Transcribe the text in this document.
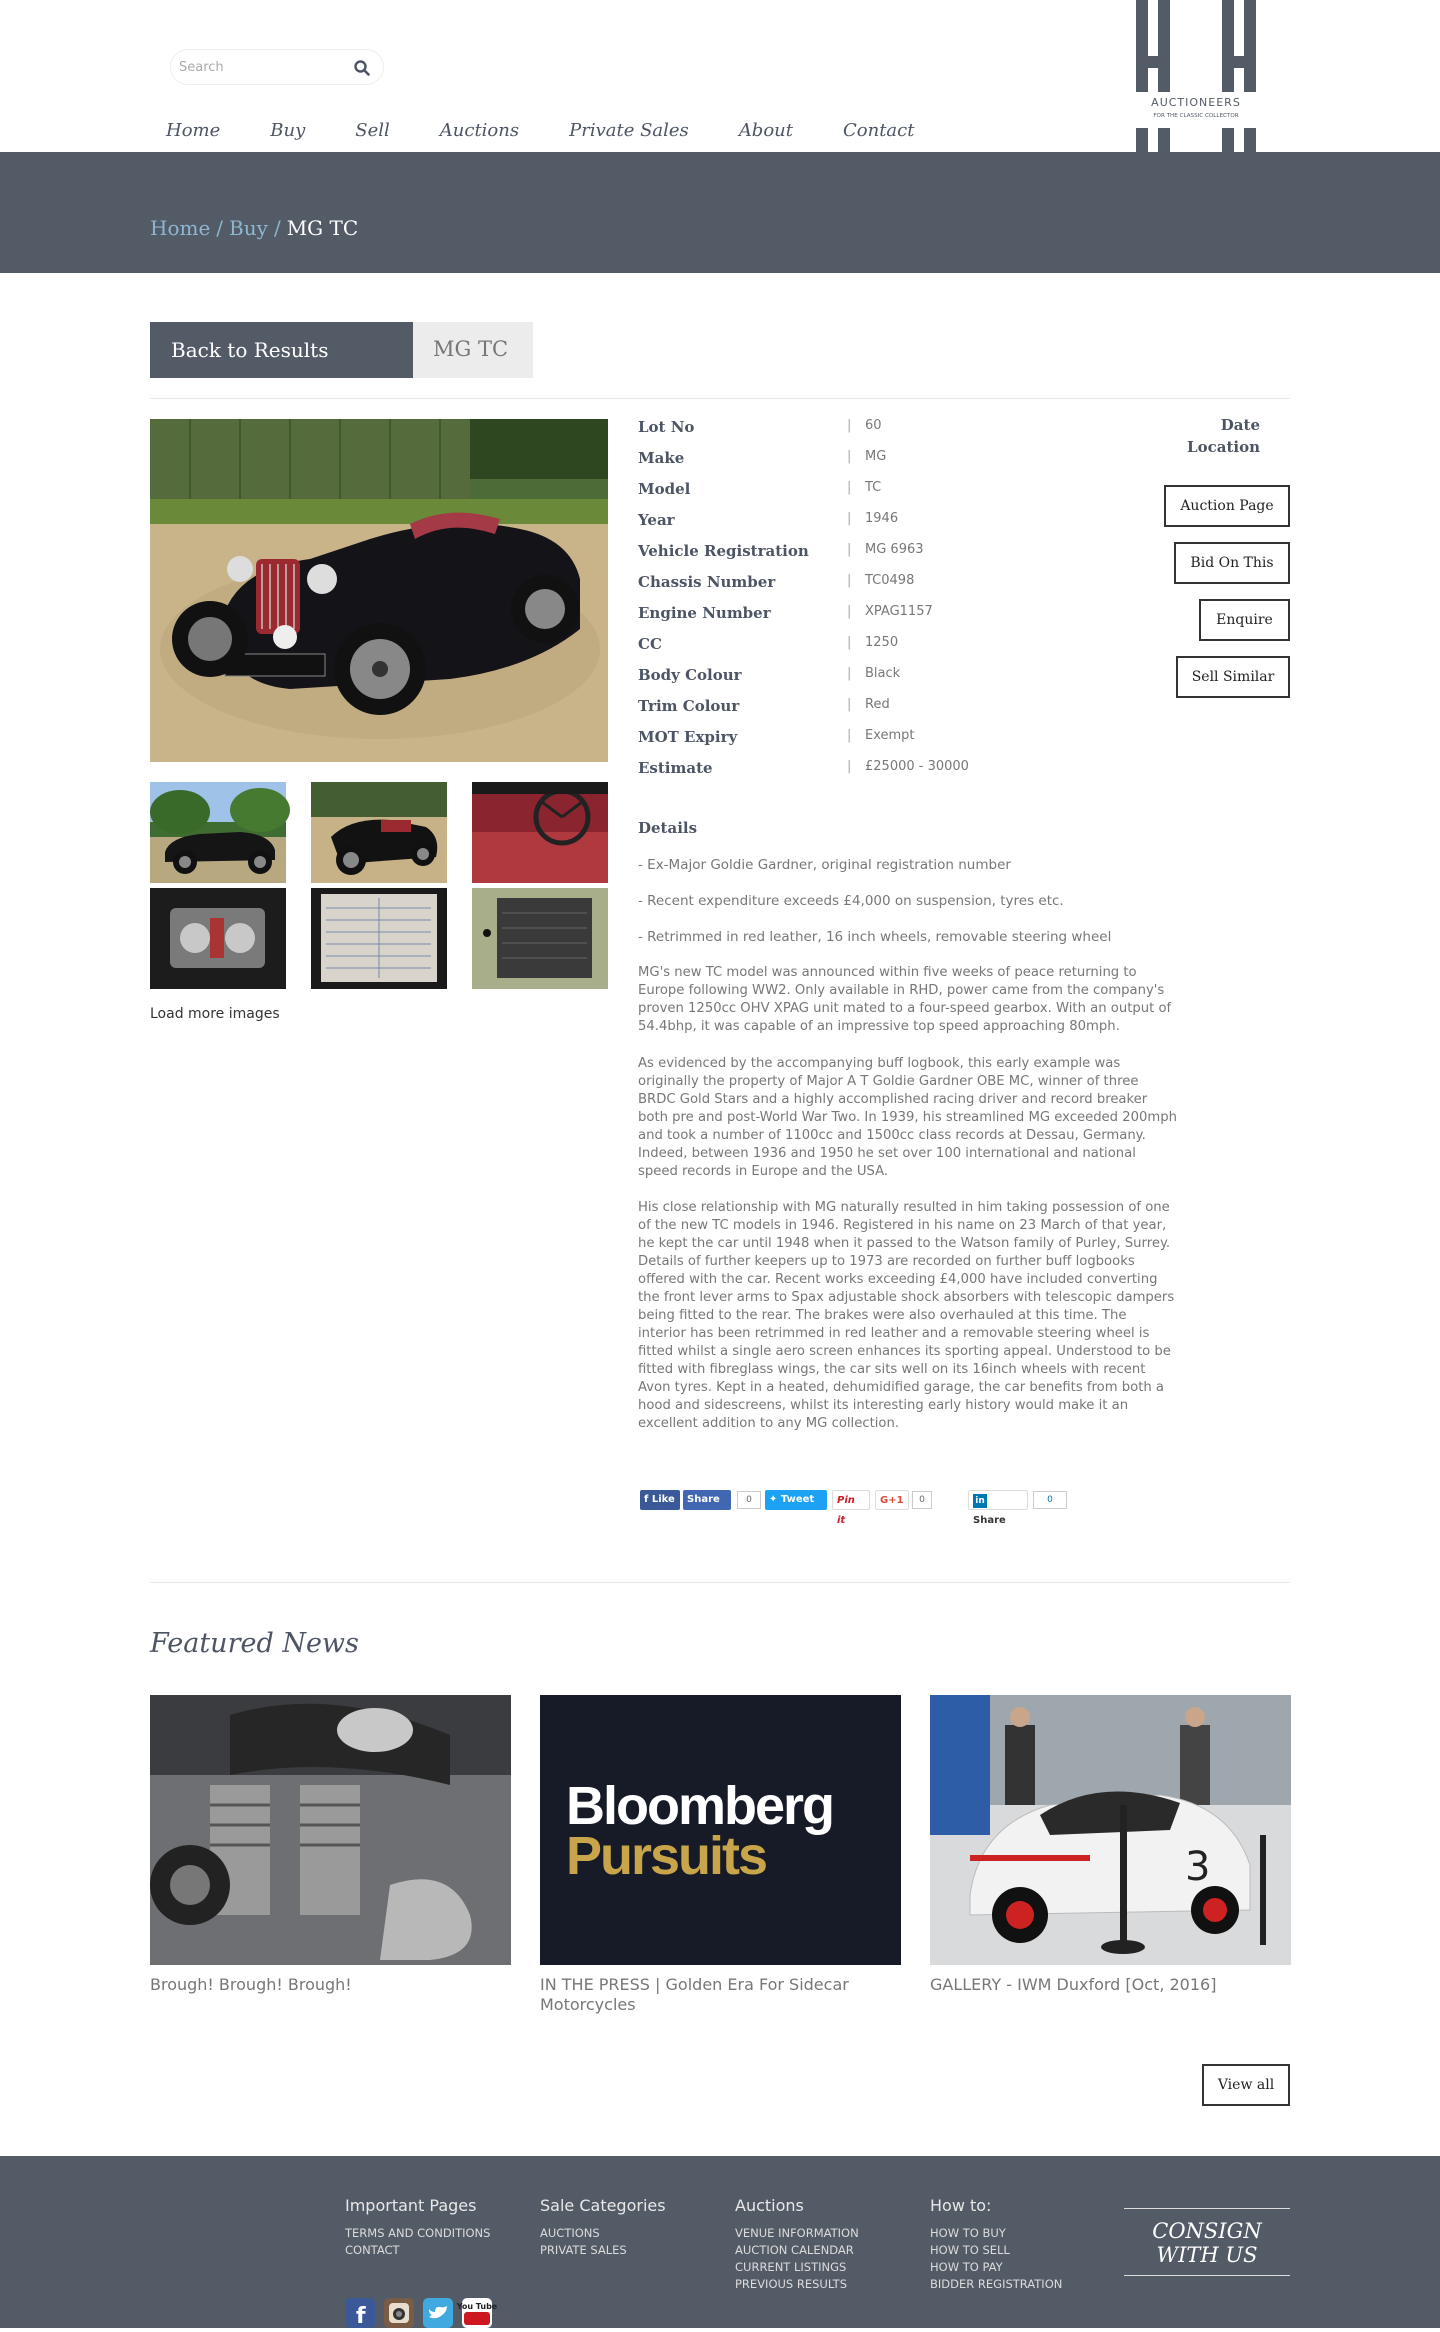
Search
Home	Buy	Sell	Auctions	Private Sales	About	Contact
AND
AUCTIONEERS
FOR THE CLASSIC COLLECTOR
Home / Buy / MG TC
Back to Results	MG TC
Load more images
Lot No	| 60
Make	| MG
Model	| TC
Year	| 1946
Vehicle Registration	| MG 6963
Chassis Number	| TC0498
Engine Number	| XPAG1157
CC	| 1250
Body Colour	| Black
Trim Colour	| Red
MOT Expiry	| Exempt
Estimate	| £25000 - 30000
Date
Location
Auction Page
Bid On This
Enquire
Sell Similar
Details
- Ex-Major Goldie Gardner, original registration number
- Recent expenditure exceeds £4,000 on suspension, tyres etc.
- Retrimmed in red leather, 16 inch wheels, removable steering wheel
MG's new TC model was announced within five weeks of peace returning to Europe following WW2. Only available in RHD, power came from the company's proven 1250cc OHV XPAG unit mated to a four-speed gearbox. With an output of 54.4bhp, it was capable of an impressive top speed approaching 80mph.
As evidenced by the accompanying buff logbook, this early example was originally the property of Major A T Goldie Gardner OBE MC, winner of three BRDC Gold Stars and a highly accomplished racing driver and record breaker both pre and post-World War Two. In 1939, his streamlined MG exceeded 200mph and took a number of 1100cc and 1500cc class records at Dessau, Germany. Indeed, between 1936 and 1950 he set over 100 international and national speed records in Europe and the USA.
His close relationship with MG naturally resulted in him taking possession of one of the new TC models in 1946. Registered in his name on 23 March of that year, he kept the car until 1948 when it passed to the Watson family of Purley, Surrey. Details of further keepers up to 1973 are recorded on further buff logbooks offered with the car. Recent works exceeding £4,000 have included converting the front lever arms to Spax adjustable shock absorbers with telescopic dampers being fitted to the rear. The brakes were also overhauled at this time. The interior has been retrimmed in red leather and a removable steering wheel is fitted whilst a single aero screen enhances its sporting appeal. Understood to be fitted with fibreglass wings, the car sits well on its 16inch wheels with recent Avon tyres. Kept in a heated, dehumidified garage, the car benefits from both a hood and sidescreens, whilst its interesting early history would make it an excellent addition to any MG collection.
f Like	Share	0	✦ Tweet	Pin it
G+1	0	in Share
0
Featured News
Bloomberg
Pursuits	3
Brough! Brough! Brough!	IN THE PRESS | Golden Era For Sidecar Motorcycles
GALLERY - IWM Duxford [Oct, 2016]
View all
Important Pages
TERMS AND CONDITIONS
CONTACT
Sale Categories
AUCTIONS
PRIVATE SALES
Auctions
VENUE INFORMATION
AUCTION CALENDAR
CURRENT LISTINGS
PREVIOUS RESULTS
How to:
HOW TO BUY
HOW TO SELL
HOW TO PAY
BIDDER REGISTRATION
CONSIGN
WITH US
f	You Tube
